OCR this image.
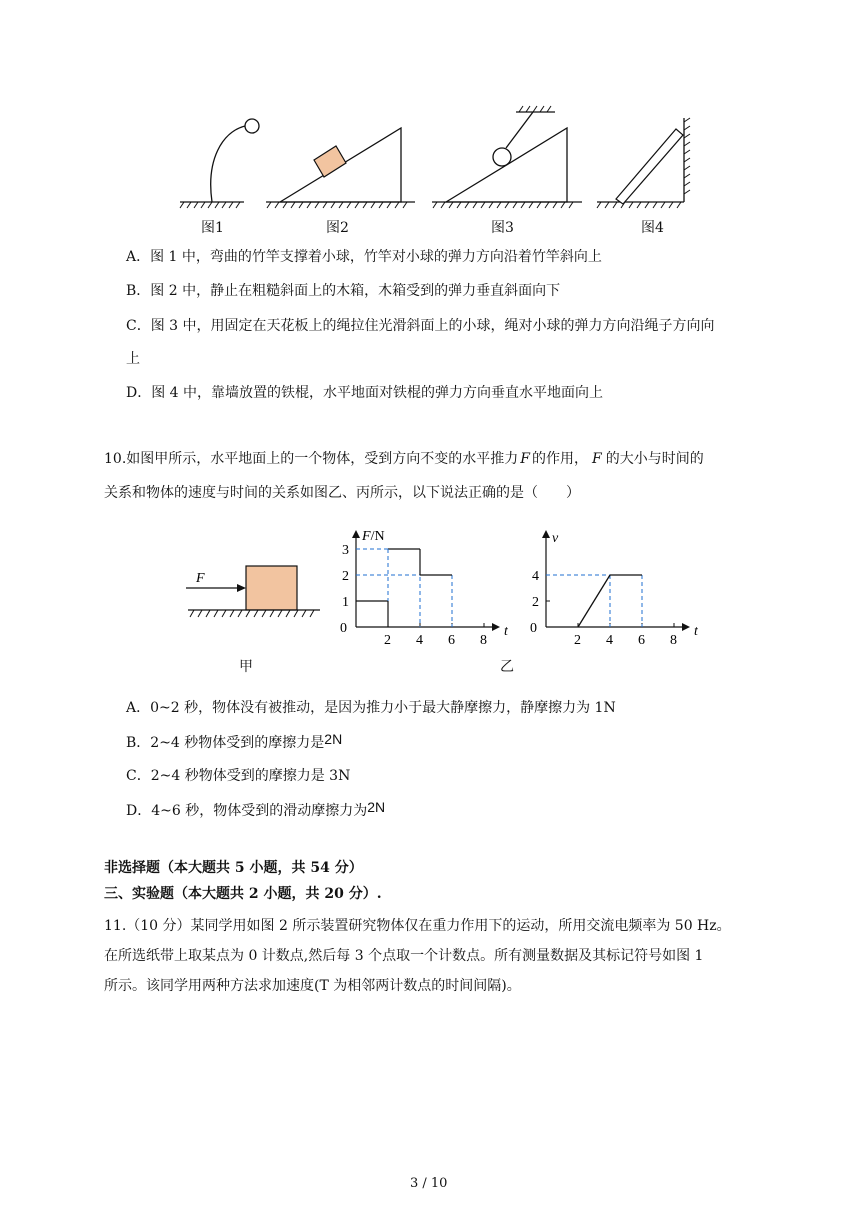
图1	图2	图3	图4
A．图 1 中，弯曲的竹竿支撑着小球，竹竿对小球的弹力方向沿着竹竿斜向上
B．图 2 中，静止在粗糙斜面上的木箱，木箱受到的弹力垂直斜面向下
C．图 3 中，用固定在天花板上的绳拉住光滑斜面上的小球，绳对小球的弹力方向沿绳子方向向
上
D．图 4 中，靠墙放置的铁棍，水平地面对铁棍的弹力方向垂直水平地面向上
10.如图甲所示，水平地面上的一个物体，受到方向不变的水平推力 F 的作用， F 的大小与时间的
关系和物体的速度与时间的关系如图乙、丙所示，以下说法正确的是（　　）
F
甲	乙
t
F/N
0
2 4 6 8
1
2
3
t
v
0
2 4 6 8
2
4
A．0~2 秒，物体没有被推动，是因为推力小于最大静摩擦力，静摩擦力为 1N
B．2~4 秒物体受到的摩擦力是2N
C．2~4 秒物体受到的摩擦力是 3N
D．4~6 秒，物体受到的滑动摩擦力为2N
非选择题（本大题共 5 小题，共 54 分）
三、实验题（本大题共 2 小题，共 20 分）.
11.（10 分）某同学用如图 2 所示装置研究物体仅在重力作用下的运动，所用交流电频率为 50 Hz。
在所选纸带上取某点为 0 计数点,然后每 3 个点取一个计数点。所有测量数据及其标记符号如图 1
所示。该同学用两种方法求加速度(T 为相邻两计数点的时间间隔)。
3 / 10
